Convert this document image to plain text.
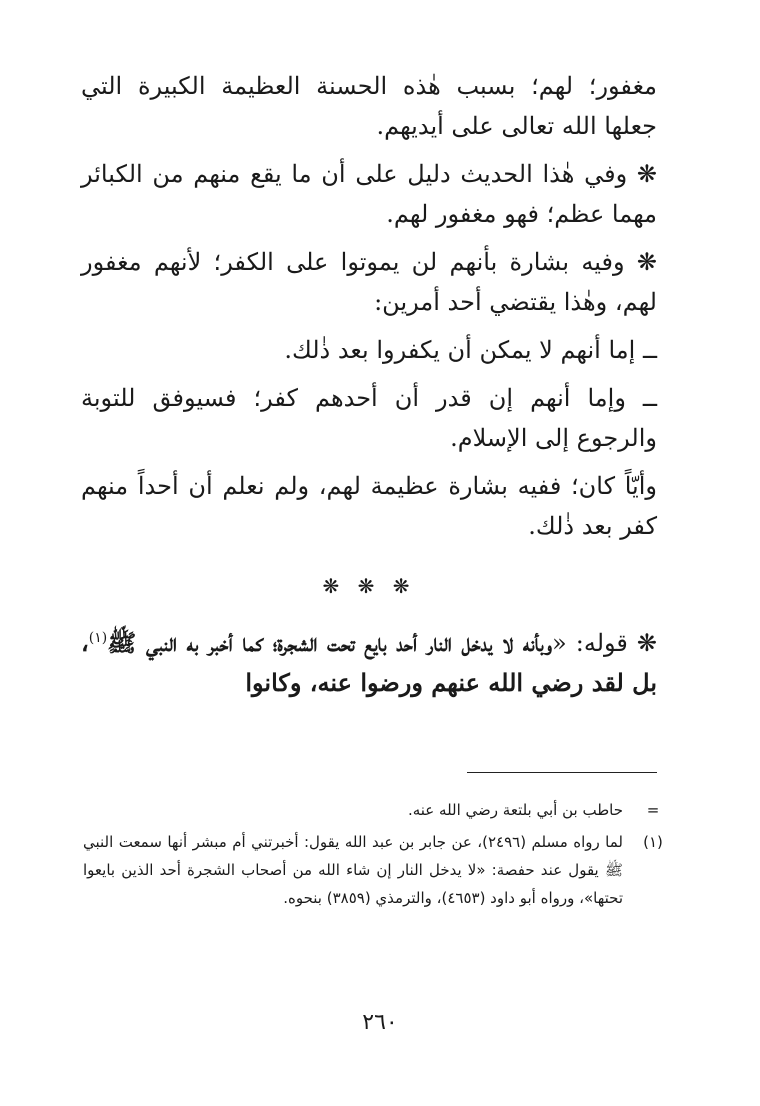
مغفور؛ لهم؛ بسبب هٰذه الحسنة العظيمة الكبيرة التي جعلها الله تعالى على أيديهم.

❋ وفي هٰذا الحديث دليل على أن ما يقع منهم من الكبائر مهما عظم؛ فهو مغفور لهم.

❋ وفيه بشارة بأنهم لن يموتوا على الكفر؛ لأنهم مغفور لهم، وهٰذا يقتضي أحد أمرين:

ــ إما أنهم لا يمكن أن يكفروا بعد ذٰلك.

ــ وإما أنهم إن قدر أن أحدهم كفر؛ فسيوفق للتوبة والرجوع إلى الإسلام.

وأيّاً كان؛ ففيه بشارة عظيمة لهم، ولم نعلم أن أحداً منهم كفر بعد ذٰلك.

❋ ❋ ❋

❋ قوله: «وبأنه لا يدخل النار أحد بايع تحت الشجرة؛ كما أخبر به النبي ﷺ$^{(١)}$، بل لقد رضي الله عنهم ورضوا عنه، وكانوا

=
حاطب بن أبي بلتعة رضي الله عنه.
(١)
لما رواه مسلم (٢٤٩٦)، عن جابر بن عبد الله يقول: أخبرتني أم مبشر أنها سمعت النبي ﷺ يقول عند حفصة: «لا يدخل النار إن شاء الله من أصحاب الشجرة أحد الذين بايعوا تحتها»، ورواه أبو داود (٤٦٥٣)، والترمذي (٣٨٥٩) بنحوه.
٢٦٠
